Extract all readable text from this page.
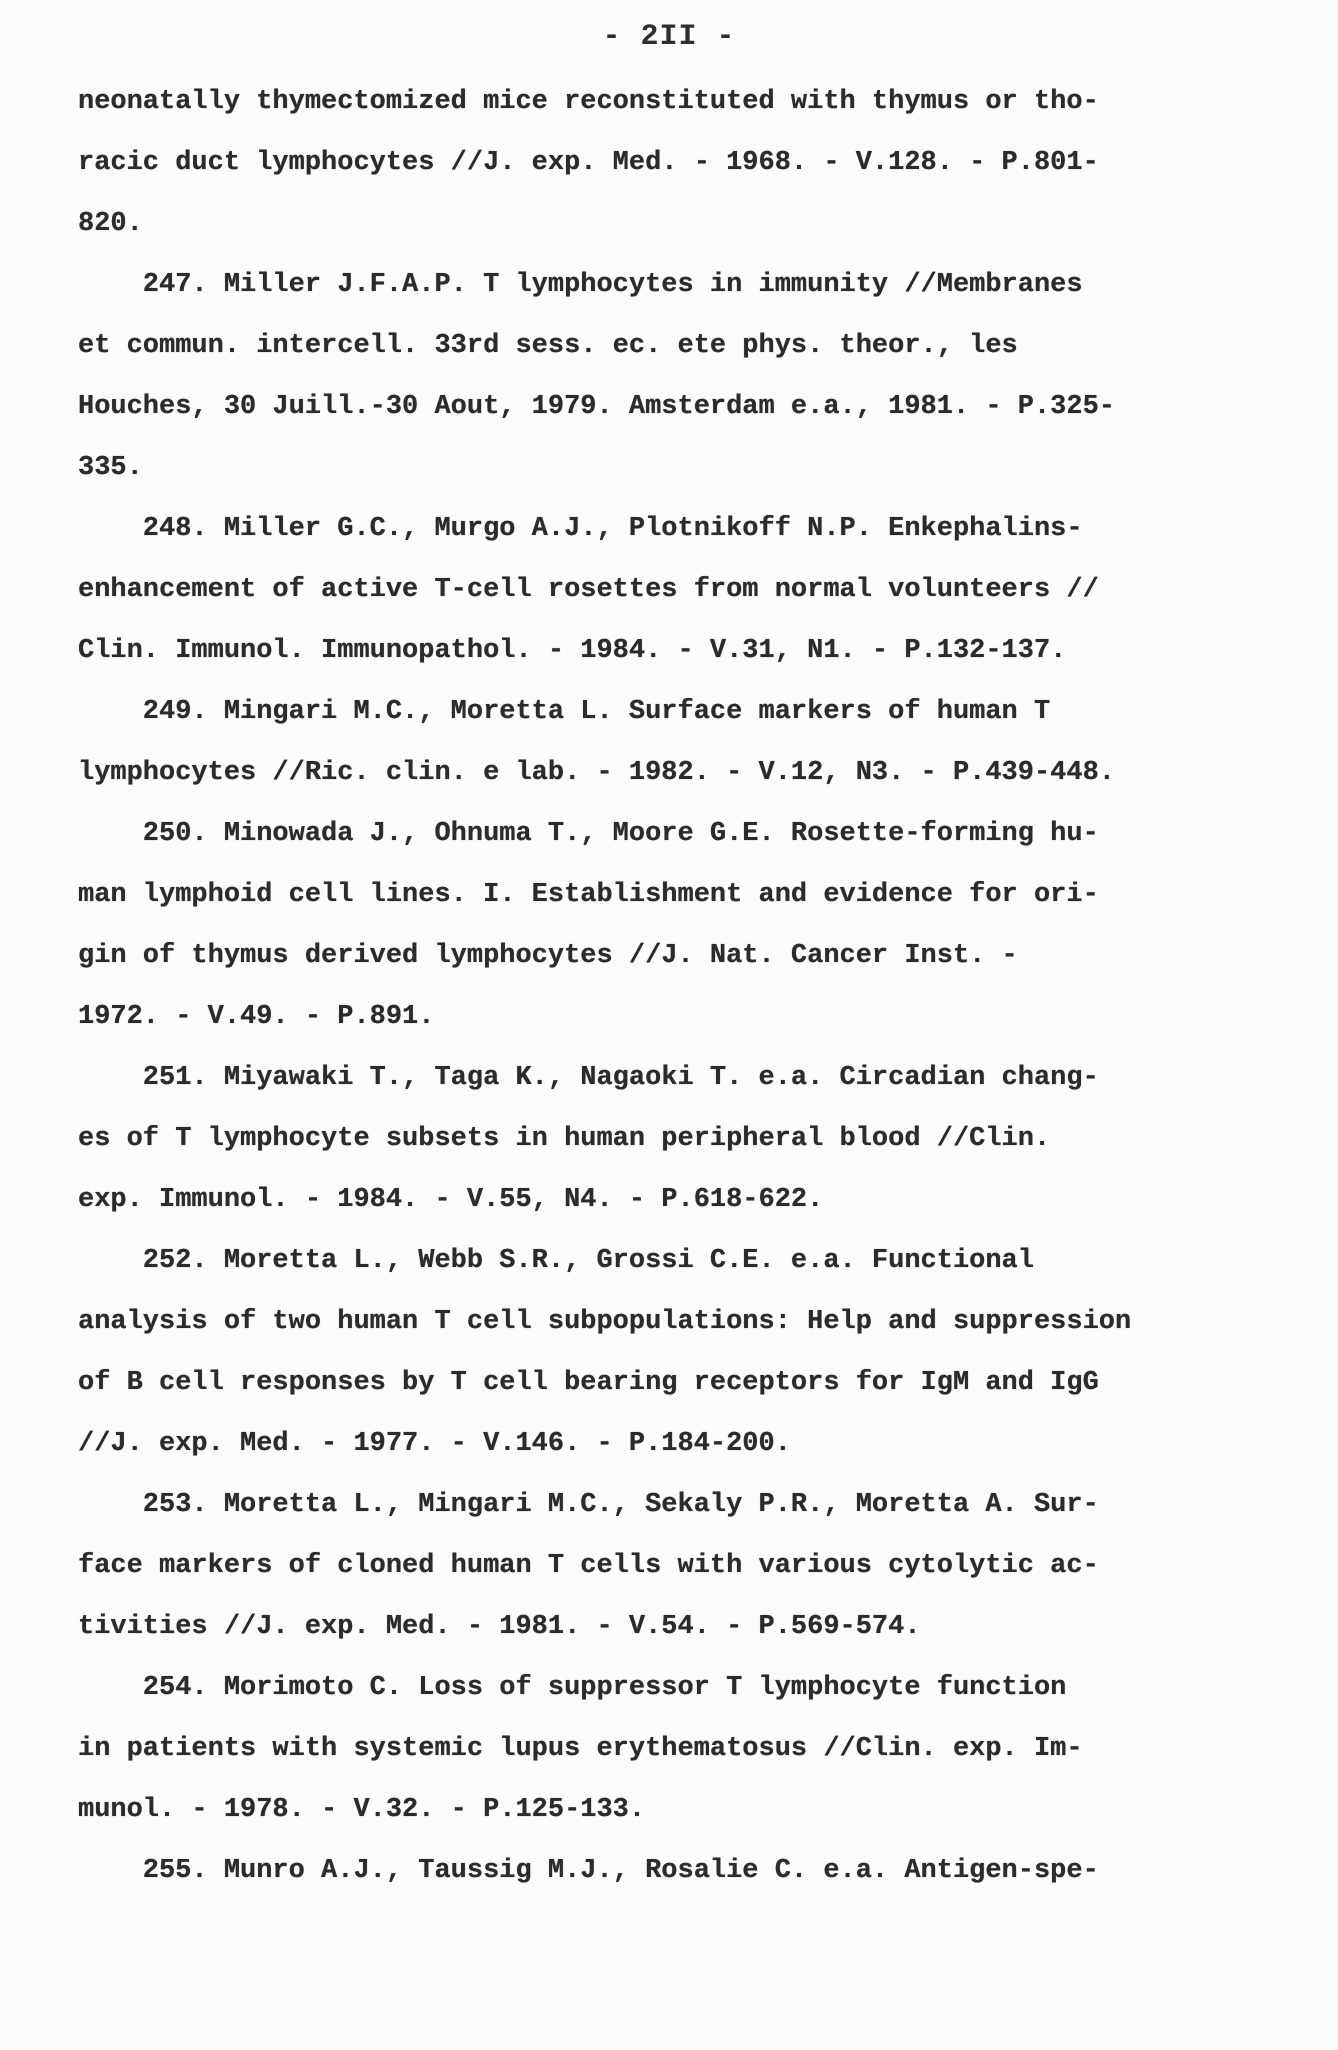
- 2II -
neonatally thymectomized mice reconstituted with thymus or tho-
racic duct lymphocytes //J. exp. Med. - 1968. - V.128. - P.801-
820.
247. Miller J.F.A.P. T lymphocytes in immunity //Membranes
et commun. intercell. 33rd sess. ec. ete phys. theor., les
Houches, 30 Juill.-30 Aout, 1979. Amsterdam e.a., 1981. - P.325-
335.
248. Miller G.C., Murgo A.J., Plotnikoff N.P. Enkephalins-
enhancement of active T-cell rosettes from normal volunteers //
Clin. Immunol. Immunopathol. - 1984. - V.31, N1. - P.132-137.
249. Mingari M.C., Moretta L. Surface markers of human T
lymphocytes //Ric. clin. e lab. - 1982. - V.12, N3. - P.439-448.
250. Minowada J., Ohnuma T., Moore G.E. Rosette-forming hu-
man lymphoid cell lines. I. Establishment and evidence for ori-
gin of thymus derived lymphocytes //J. Nat. Cancer Inst. -
1972. - V.49. - P.891.
251. Miyawaki T., Taga K., Nagaoki T. e.a. Circadian chang-
es of T lymphocyte subsets in human peripheral blood //Clin.
exp. Immunol. - 1984. - V.55, N4. - P.618-622.
252. Moretta L., Webb S.R., Grossi C.E. e.a. Functional
analysis of two human T cell subpopulations: Help and suppression
of B cell responses by T cell bearing receptors for IgM and IgG
//J. exp. Med. - 1977. - V.146. - P.184-200.
253. Moretta L., Mingari M.C., Sekaly P.R., Moretta A. Sur-
face markers of cloned human T cells with various cytolytic ac-
tivities //J. exp. Med. - 1981. - V.54. - P.569-574.
254. Morimoto C. Loss of suppressor T lymphocyte function
in patients with systemic lupus erythematosus //Clin. exp. Im-
munol. - 1978. - V.32. - P.125-133.
255. Munro A.J., Taussig M.J., Rosalie C. e.a. Antigen-spe-
